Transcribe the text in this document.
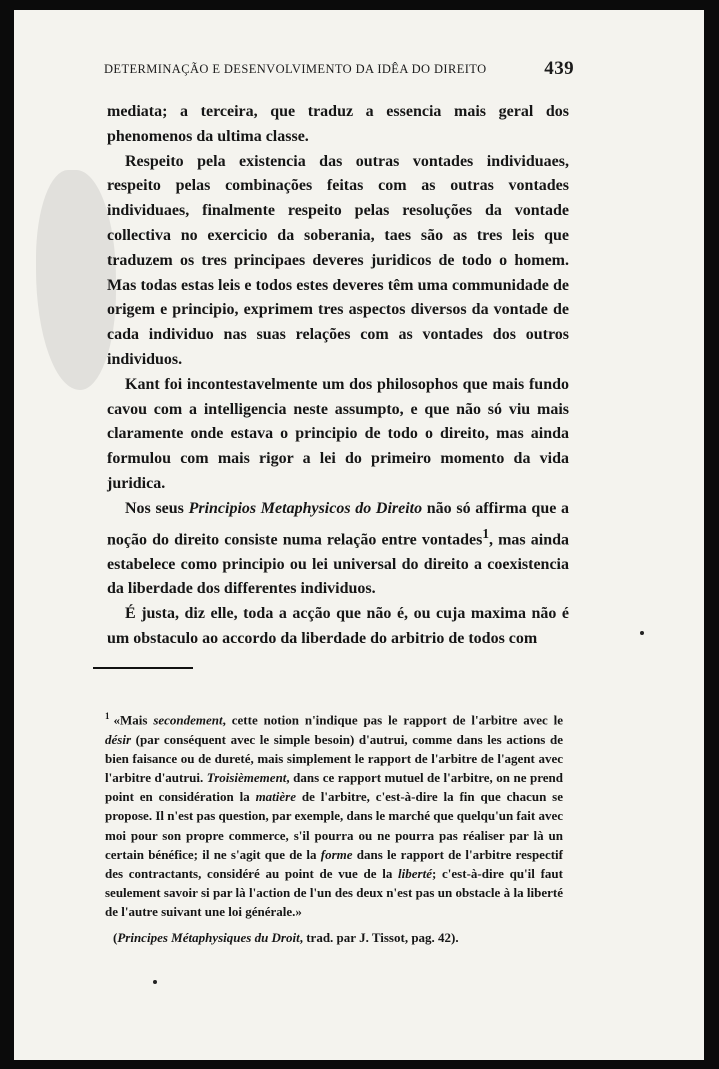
DETERMINAÇÃO E DESENVOLVIMENTO DA IDÊA DO DIREITO	439

mediata; a terceira, que traduz a essencia mais geral dos phenomenos da ultima classe.

Respeito pela existencia das outras vontades individuaes, respeito pelas combinações feitas com as outras vontades individuaes, finalmente respeito pelas resoluções da vontade collectiva no exercicio da soberania, taes são as tres leis que traduzem os tres principaes deveres juridicos de todo o homem. Mas todas estas leis e todos estes deveres têm uma communidade de origem e principio, exprimem tres aspectos diversos da vontade de cada individuo nas suas relações com as vontades dos outros individuos.

Kant foi incontestavelmente um dos philosophos que mais fundo cavou com a intelligencia neste assumpto, e que não só viu mais claramente onde estava o principio de todo o direito, mas ainda formulou com mais rigor a lei do primeiro momento da vida juridica.

Nos seus Principios Metaphysicos do Direito não só affirma que a noção do direito consiste numa relação entre vontades$^1$, mas ainda estabelece como principio ou lei universal do direito a coexistencia da liberdade dos differentes individuos.

É justa, diz elle, toda a acção que não é, ou cuja maxima não é um obstaculo ao accordo da liberdade do arbitrio de todos com

$^1$ «Mais secondement, cette notion n'indique pas le rapport de l'arbitre avec le désir (par conséquent avec le simple besoin) d'autrui, comme dans les actions de bien faisance ou de dureté, mais simplement le rapport de l'arbitre de l'agent avec l'arbitre d'autrui. Troisièmement, dans ce rapport mutuel de l'arbitre, on ne prend point en considération la matière de l'arbitre, c'est-à-dire la fin que chacun se propose. Il n'est pas question, par exemple, dans le marché que quelqu'un fait avec moi pour son propre commerce, s'il pourra ou ne pourra pas réaliser par là un certain bénéfice; il ne s'agit que de la forme dans le rapport de l'arbitre respectif des contractants, considéré au point de vue de la liberté; c'est-à-dire qu'il faut seulement savoir si par là l'action de l'un des deux n'est pas un obstacle à la liberté de l'autre suivant une loi générale.»

(Principes Métaphysiques du Droit, trad. par J. Tissot, pag. 42).
